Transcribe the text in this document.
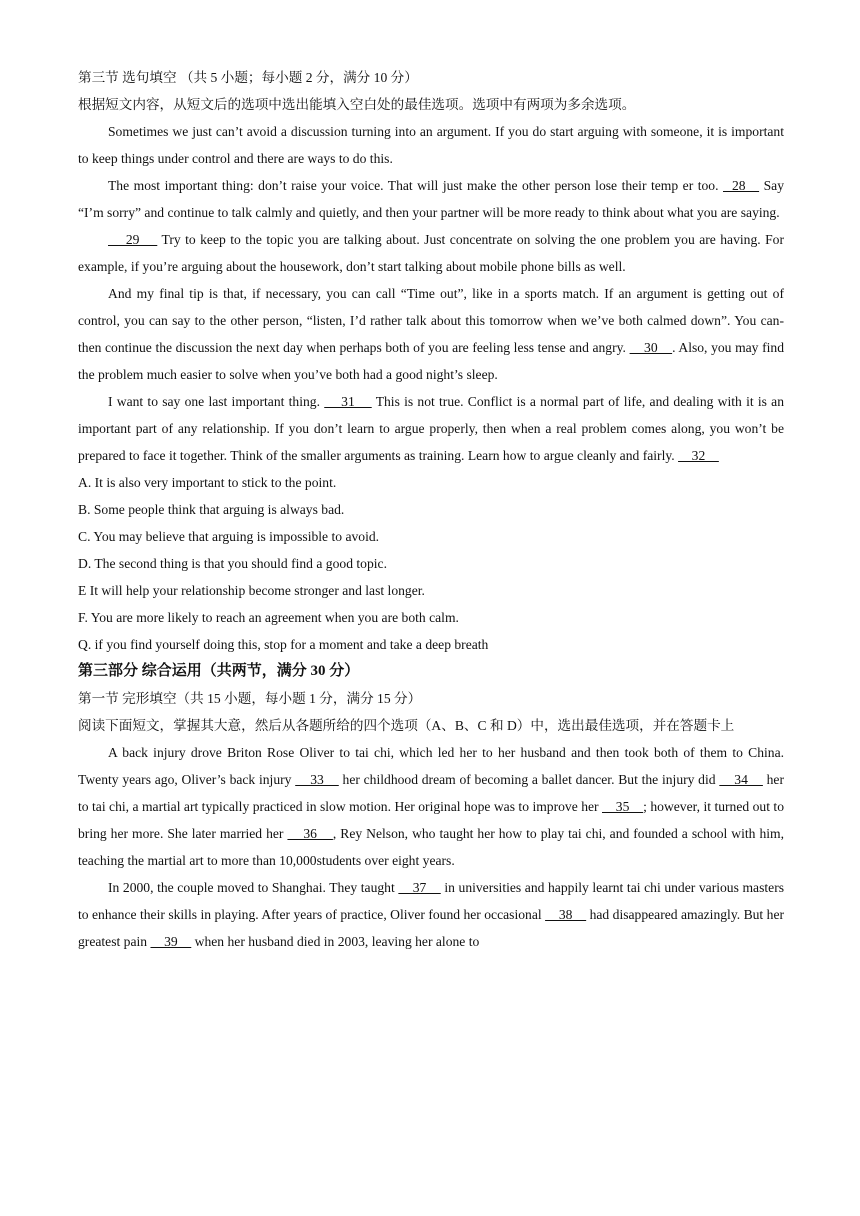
第三节 选句填空 （共 5 小题；每小题 2 分，满分 10 分）

根据短文内容，从短文后的选项中选出能填入空白处的最佳选项。选项中有两项为多余选项。

Sometimes we just can’t avoid a discussion turning into an argument. If you do start arguing with someone, it is important to keep things under control and there are ways to do this.

The most important thing: don’t raise your voice. That will just make the other person lose their temp er too.   28    Say “I’m sorry” and continue to talk calmly and quietly, and then your partner will be more ready to think about what you are saying.

29     Try to keep to the topic you are talking about. Just concentrate on solving the one problem you are having. For example, if you’re arguing about the housework, don’t start talking about mobile phone bills as well.

And my final tip is that, if necessary, you can call “Time out”, like in a sports match. If an argument is getting out of control, you can say to the other person, “listen, I’d rather talk about this tomorrow when we’ve both calmed down”. You can-then continue the discussion the next day when perhaps both of you are feeling less tense and angry.     30    . Also, you may find the problem much easier to solve when you’ve both had a good night’s sleep.

I want to say one last important thing.     31     This is not true. Conflict is a normal part of life, and dealing with it is an important part of any relationship. If you don’t learn to argue properly, then when a real problem comes along, you won’t be prepared to face it together. Think of the smaller arguments as training. Learn how to argue cleanly and fairly.     32

A. It is also very important to stick to the point.

B. Some people think that arguing is always bad.

C. You may believe that arguing is impossible to avoid.

D. The second thing is that you should find a good topic.

E It will help your relationship become stronger and last longer.

F. You are more likely to reach an agreement when you are both calm.

Q. if you find yourself doing this, stop for a moment and take a deep breath

第三部分 综合运用（共两节，满分 30 分）

第一节 完形填空（共 15 小题，每小题 1 分，满分 15 分）

阅读下面短文，掌握其大意，然后从各题所给的四个选项（A、B、C 和 D）中，选出最佳选项，并在答题卡上

A back injury drove Briton Rose Oliver to tai chi, which led her to her husband and then took both of them to China. Twenty years ago, Oliver’s back injury     33     her childhood dream of becoming a ballet dancer. But the injury did     34     her to tai chi, a martial art typically practiced in slow motion. Her original hope was to improve her     35    ; however, it turned out to bring her more. She later married her     36    , Rey Nelson, who taught her how to play tai chi, and founded a school with him, teaching the martial art to more than 10,000students over eight years.

In 2000, the couple moved to Shanghai. They taught     37     in universities and happily learnt tai chi under various masters to enhance their skills in playing. After years of practice, Oliver found her occasional     38     had disappeared amazingly. But her greatest pain     39     when her husband died in 2003, leaving her alone to
